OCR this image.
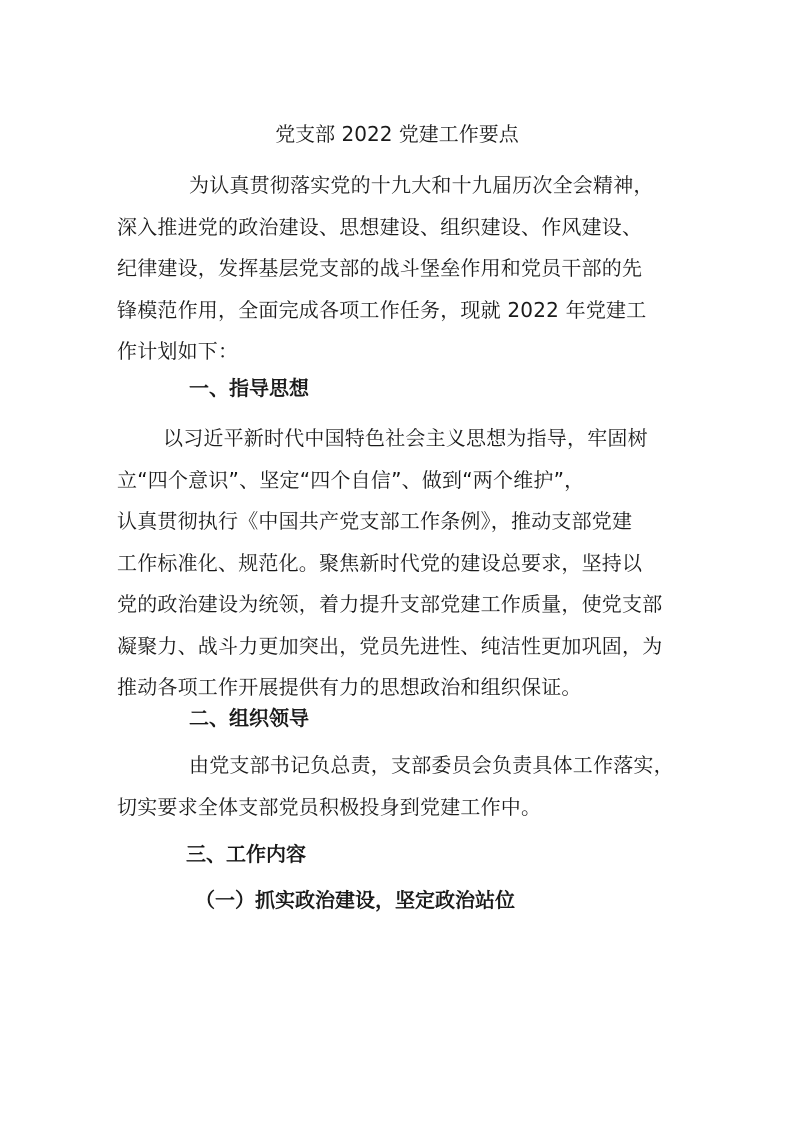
党支部 2022 党建工作要点

为认真贯彻落实党的十九大和十九届历次全会精神，
深入推进党的政治建设、思想建设、组织建设、作风建设、
纪律建设，发挥基层党支部的战斗堡垒作用和党员干部的先
锋模范作用，全面完成各项工作任务，现就 2022 年党建工
作计划如下：

一、指导思想

以习近平新时代中国特色社会主义思想为指导，牢固树
立“四个意识”、坚定“四个自信”、做到“两个维护”，
认真贯彻执行《中国共产党支部工作条例》，推动支部党建
工作标准化、规范化。聚焦新时代党的建设总要求，坚持以
党的政治建设为统领，着力提升支部党建工作质量，使党支部
凝聚力、战斗力更加突出，党员先进性、纯洁性更加巩固，为
推动各项工作开展提供有力的思想政治和组织保证。

二、组织领导

由党支部书记负总责，支部委员会负责具体工作落实，
切实要求全体支部党员积极投身到党建工作中。

三、工作内容
（一）抓实政治建设，坚定政治站位
